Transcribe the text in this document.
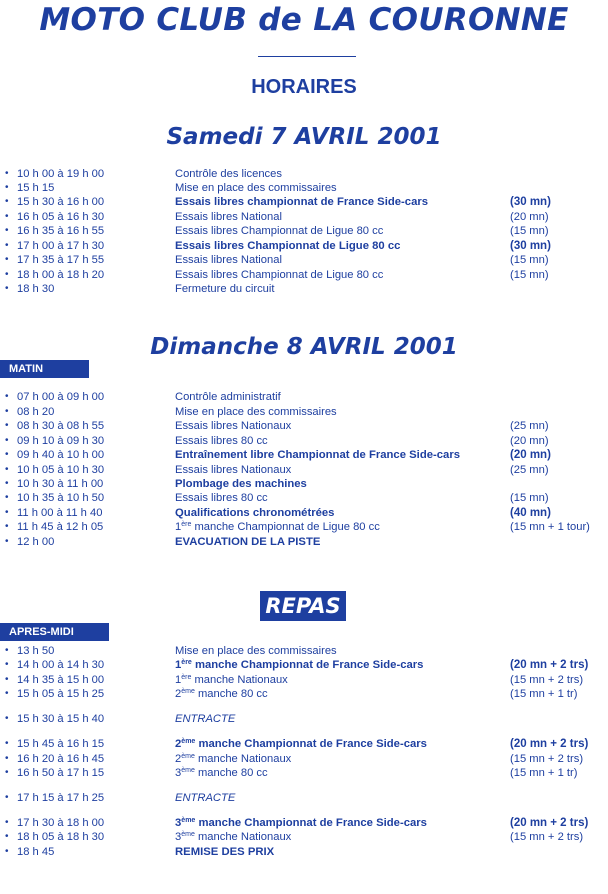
MOTO CLUB de LA COURONNE
HORAIRES
Samedi 7 AVRIL 2001
• 10 h 00 à 19 h 00	Contrôle des licences
• 15 h 15	Mise en place des commissaires
• 15 h 30 à 16 h 00	Essais libres championnat de France Side-cars	(30 mn)
• 16 h 05 à 16 h 30	Essais libres National	(20 mn)
• 16 h 35 à 16 h 55	Essais libres Championnat de Ligue 80 cc	(15 mn)
• 17 h 00 à 17 h 30	Essais libres Championnat de Ligue 80 cc	(30 mn)
• 17 h 35 à 17 h 55	Essais libres National	(15 mn)
• 18 h 00 à 18 h 20	Essais libres Championnat de Ligue 80 cc	(15 mn)
• 18 h 30	Fermeture du circuit
Dimanche 8 AVRIL 2001
MATIN
• 07 h 00 à 09 h 00	Contrôle administratif
• 08 h 20	Mise en place des commissaires
• 08 h 30 à 08 h 55	Essais libres Nationaux	(25 mn)
• 09 h 10 à 09 h 30	Essais libres 80 cc	(20 mn)
• 09 h 40 à 10 h 00	Entraînement libre Championnat de France Side-cars	(20 mn)
• 10 h 05 à 10 h 30	Essais libres Nationaux	(25 mn)
• 10 h 30 à 11 h 00	Plombage des machines
• 10 h 35 à 10 h 50	Essais libres 80 cc	(15 mn)
• 11 h 00 à 11 h 40	Qualifications chronométrées	(40 mn)
• 11 h 45 à 12 h 05	1ère manche Championnat de Ligue 80 cc	(15 mn + 1 tour)
• 12 h 00	EVACUATION DE LA PISTE
REPAS
APRES-MIDI
• 13 h 50	Mise en place des commissaires
• 14 h 00 à 14 h 30	1ère manche Championnat de France Side-cars	(20 mn + 2 trs)
• 14 h 35 à 15 h 00	1ère manche Nationaux	(15 mn + 2 trs)
• 15 h 05 à 15 h 25	2ème manche 80 cc	(15 mn + 1 tr)
• 15 h 30 à 15 h 40	ENTRACTE
• 15 h 45 à 16 h 15	2ème manche Championnat de France Side-cars	(20 mn + 2 trs)
• 16 h 20 à 16 h 45	2ème manche Nationaux	(15 mn + 2 trs)
• 16 h 50 à 17 h 15	3ème manche 80 cc	(15 mn + 1 tr)
• 17 h 15 à 17 h 25	ENTRACTE
• 17 h 30 à 18 h 00	3ème manche Championnat de France Side-cars	(20 mn + 2 trs)
• 18 h 05 à 18 h 30	3ème manche Nationaux	(15 mn + 2 trs)
• 18 h 45	REMISE DES PRIX
